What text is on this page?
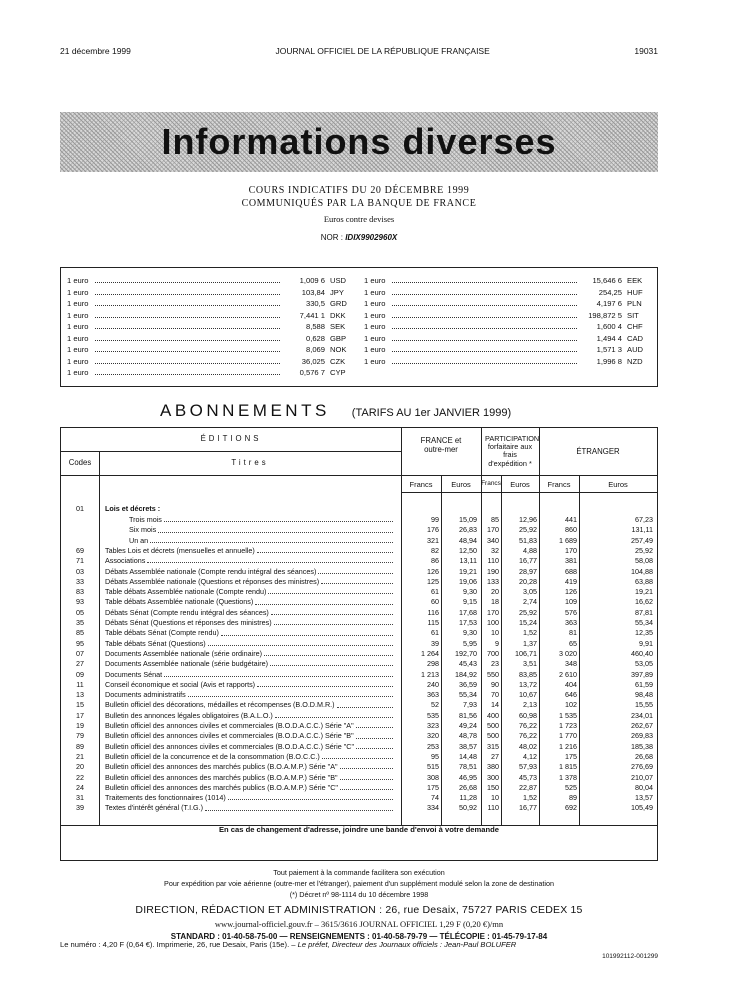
21 décembre 1999	JOURNAL OFFICIEL DE LA RÉPUBLIQUE FRANÇAISE	19031
Informations diverses
COURS INDICATIFS DU 20 DÉCEMBRE 1999
COMMUNIQUÉS PAR LA BANQUE DE FRANCE
Euros contre devises
NOR : IDIX9902960X
1 euro	1,009 6 USD
1 euro	103,84 JPY
1 euro	330,5 GRD
1 euro	7,441 1 DKK
1 euro	8,588 SEK
1 euro	0,628 GBP
1 euro	8,069 NOK
1 euro	36,025 CZK
1 euro	0,576 7 CYP
1 euro	15,646 6 EEK
1 euro	254,25 HUF
1 euro	4,197 6 PLN
1 euro	198,872 5 SIT
1 euro	1,600 4 CHF
1 euro	1,494 4 CAD
1 euro	1,571 3 AUD
1 euro	1,996 8 NZD
ABONNEMENTS (TARIFS AU 1er JANVIER 1999)
ÉDITIONS
Codes	Titres
FRANCE et outre-mer
PARTICIPATION forfaitaire aux frais d'expédition *
ÉTRANGER
Francs	Euros	Francs	Euros	Francs	Euros
01	Lois et décrets :
Trois mois	99	15,09	85	12,96	441	67,23
Six mois	176	26,83	170	25,92	860	131,11
Un an	321	48,94	340	51,83	1 689	257,49
69	Tables Lois et décrets (mensuelles et annuelle)	82	12,50	32	4,88	170	25,92
71	Associations	86	13,11	110	16,77	381	58,08
03	Débats Assemblée nationale (Compte rendu intégral des séances)	126	19,21	190	28,97	688	104,88
33	Débats Assemblée nationale (Questions et réponses des ministres)	125	19,06	133	20,28	419	63,88
83	Table débats Assemblée nationale (Compte rendu)	61	9,30	20	3,05	126	19,21
93	Table débats Assemblée nationale (Questions)	60	9,15	18	2,74	109	16,62
05	Débats Sénat (Compte rendu intégral des séances)	116	17,68	170	25,92	576	87,81
35	Débats Sénat (Questions et réponses des ministres)	115	17,53	100	15,24	363	55,34
85	Table débats Sénat (Compte rendu)	61	9,30	10	1,52	81	12,35
95	Table débats Sénat (Questions)	39	5,95	9	1,37	65	9,91
07	Documents Assemblée nationale (série ordinaire)	1 264	192,70	700	106,71	3 020	460,40
27	Documents Assemblée nationale (série budgétaire)	298	45,43	23	3,51	348	53,05
09	Documents Sénat	1 213	184,92	550	83,85	2 610	397,89
11	Conseil économique et social (Avis et rapports)	240	36,59	90	13,72	404	61,59
13	Documents administratifs	363	55,34	70	10,67	646	98,48
15	Bulletin officiel des décorations, médailles et récompenses (B.O.D.M.R.)	52	7,93	14	2,13	102	15,55
17	Bulletin des annonces légales obligatoires (B.A.L.O.)	535	81,56	400	60,98	1 535	234,01
19	Bulletin officiel des annonces civiles et commerciales (B.O.D.A.C.C.) Série "A"	323	49,24	500	76,22	1 723	262,67
79	Bulletin officiel des annonces civiles et commerciales (B.O.D.A.C.C.) Série "B"	320	48,78	500	76,22	1 770	269,83
89	Bulletin officiel des annonces civiles et commerciales (B.O.D.A.C.C.) Série "C"	253	38,57	315	48,02	1 216	185,38
21	Bulletin officiel de la concurrence et de la consommation (B.O.C.C.)	95	14,48	27	4,12	175	26,68
20	Bulletin officiel des annonces des marchés publics (B.O.A.M.P.) Série "A"	515	78,51	380	57,93	1 815	276,69
22	Bulletin officiel des annonces des marchés publics (B.O.A.M.P.) Série "B"	308	46,95	300	45,73	1 378	210,07
24	Bulletin officiel des annonces des marchés publics (B.O.A.M.P.) Série "C"	175	26,68	150	22,87	525	80,04
31	Traitements des fonctionnaires (1014)	74	11,28	10	1,52	89	13,57
39	Textes d'intérêt général (T.I.G.)	334	50,92	110	16,77	692	105,49
En cas de changement d'adresse, joindre une bande d'envoi à votre demande
Tout paiement à la commande facilitera son exécution
Pour expédition par voie aérienne (outre-mer et l'étranger), paiement d'un supplément modulé selon la zone de destination
(*) Décret nº 98-1114 du 10 décembre 1998
DIRECTION, RÉDACTION ET ADMINISTRATION : 26, rue Desaix, 75727 PARIS CEDEX 15
www.journal-officiel.gouv.fr – 3615/3616 JOURNAL OFFICIEL 1,29 F (0,20 €)/mn
STANDARD : 01-40-58-75-00 — RENSEIGNEMENTS : 01-40-58-79-79 — TÉLÉCOPIE : 01-45-79-17-84
Le numéro : 4,20 F (0,64 €). Imprimerie, 26, rue Desaix, Paris (15e). – Le préfet, Directeur des Journaux officiels : Jean-Paul BOLUFER
101992112-001299
